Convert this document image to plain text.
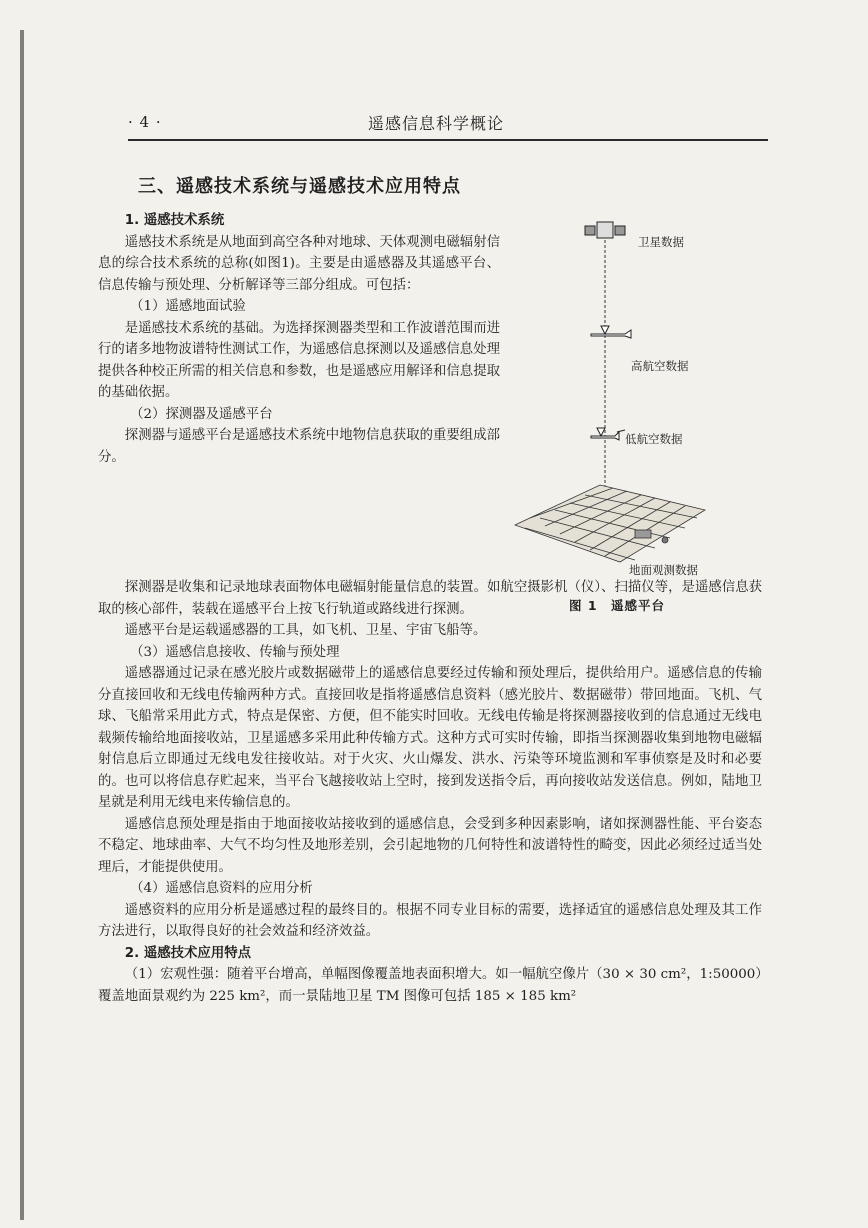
· 4 ·	遥感信息科学概论
三、遥感技术系统与遥感技术应用特点

1. 遥感技术系统

遥感技术系统是从地面到高空各种对地球、天体观测电磁辐射信息的综合技术系统的总称(如图1)。主要是由遥感器及其遥感平台、信息传输与预处理、分析解译等三部分组成。可包括：

（1）遥感地面试验

是遥感技术系统的基础。为选择探测器类型和工作波谱范围而进行的诸多地物波谱特性测试工作，为遥感信息探测以及遥感信息处理提供各种校正所需的相关信息和参数，也是遥感应用解译和信息提取的基础依据。

（2）探测器及遥感平台

探测器与遥感平台是遥感技术系统中地物信息获取的重要组成部分。

探测器是收集和记录地球表面物体电磁辐射能量信息的装置。如航空摄影机（仪）、扫描仪等，是遥感信息获取的核心部件，装载在遥感平台上按飞行轨道或路线进行探测。

遥感平台是运载遥感器的工具，如飞机、卫星、宇宙飞船等。

（3）遥感信息接收、传输与预处理

遥感器通过记录在感光胶片或数据磁带上的遥感信息要经过传输和预处理后，提供给用户。遥感信息的传输分直接回收和无线电传输两种方式。直接回收是指将遥感信息资料（感光胶片、数据磁带）带回地面。飞机、气球、飞船常采用此方式，特点是保密、方便，但不能实时回收。无线电传输是将探测器接收到的信息通过无线电载频传输给地面接收站，卫星遥感多采用此种传输方式。这种方式可实时传输，即指当探测器收集到地物电磁辐射信息后立即通过无线电发往接收站。对于火灾、火山爆发、洪水、污染等环境监测和军事侦察是及时和必要的。也可以将信息存贮起来，当平台飞越接收站上空时，接到发送指令后，再向接收站发送信息。例如，陆地卫星就是利用无线电来传输信息的。

遥感信息预处理是指由于地面接收站接收到的遥感信息，会受到多种因素影响，诸如探测器性能、平台姿态不稳定、地球曲率、大气不均匀性及地形差别，会引起地物的几何特性和波谱特性的畸变，因此必须经过适当处理后，才能提供使用。

（4）遥感信息资料的应用分析

遥感资料的应用分析是遥感过程的最终目的。根据不同专业目标的需要，选择适宜的遥感信息处理及其工作方法进行，以取得良好的社会效益和经济效益。

2. 遥感技术应用特点

（1）宏观性强：随着平台增高，单幅图像覆盖地表面积增大。如一幅航空像片（30 × 30 cm²，1:50000）覆盖地面景观约为 225 km²，而一景陆地卫星 TM 图像可包括 185 × 185 km²

卫星数据
高航空数据
低航空数据
地面观测数据
图 1　遥感平台
